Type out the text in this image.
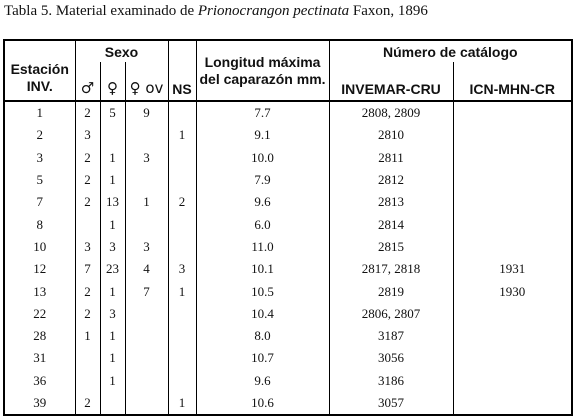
Tabla 5. Material examinado de Prionocrangon pectinata Faxon, 1896
Estación INV.	Sexo				Longitud máxima del caparazón mm.	Número de catálogo	
	♂	♀	♀ ov	NS		INVEMAR-CRU	ICN-MHN-CR
1	2	5	9		7.7	2808, 2809	
2	3			1	9.1	2810	
3	2	1	3		10.0	2811	
5	2	1			7.9	2812	
7	2	13	1	2	9.6	2813	
8		1			6.0	2814	
10	3	3	3		11.0	2815	
12	7	23	4	3	10.1	2817, 2818	1931
13	2	1	7	1	10.5	2819	1930
22	2	3			10.4	2806, 2807	
28	1	1			8.0	3187	
31		1			10.7	3056	
36		1			9.6	3186	
39	2			1	10.6	3057	
